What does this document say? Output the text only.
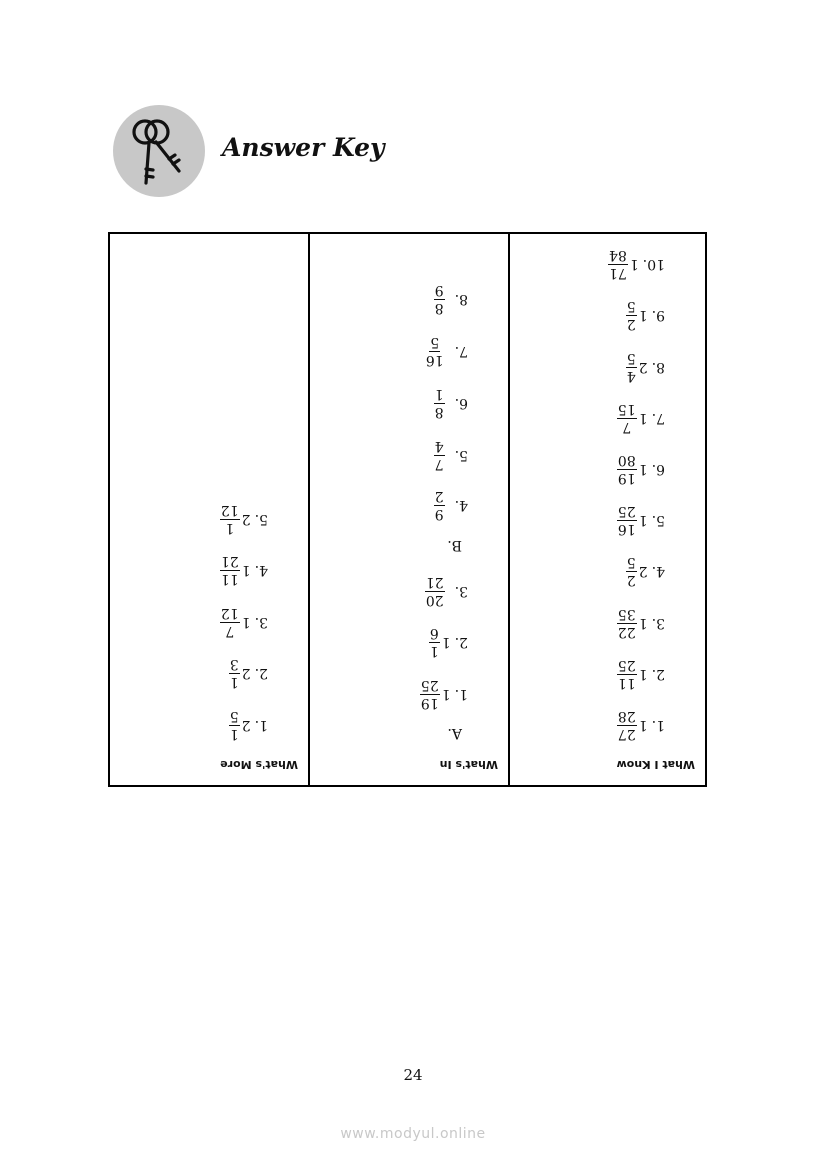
Answer Key
What's More
1.
2
1
5
2.
2
1
3
3.
1
7
12
4.
1
11
21
5.
2
1
12
What's In
A.
1.
1
19
25
2.
1
1
6
3.
20
21
B.
4.
9
2
5.
7
4
6.
8
1
7.
16
5
8.
8
9
What I Know
1.
1
27
28
2.
1
11
25
3.
1
22
35
4.
2
2
5
5.
1
16
25
6.
1
19
80
7.
1
7
15
8.
2
4
5
9.
1
2
5
10.
1
71
84
24
www.modyul.online
